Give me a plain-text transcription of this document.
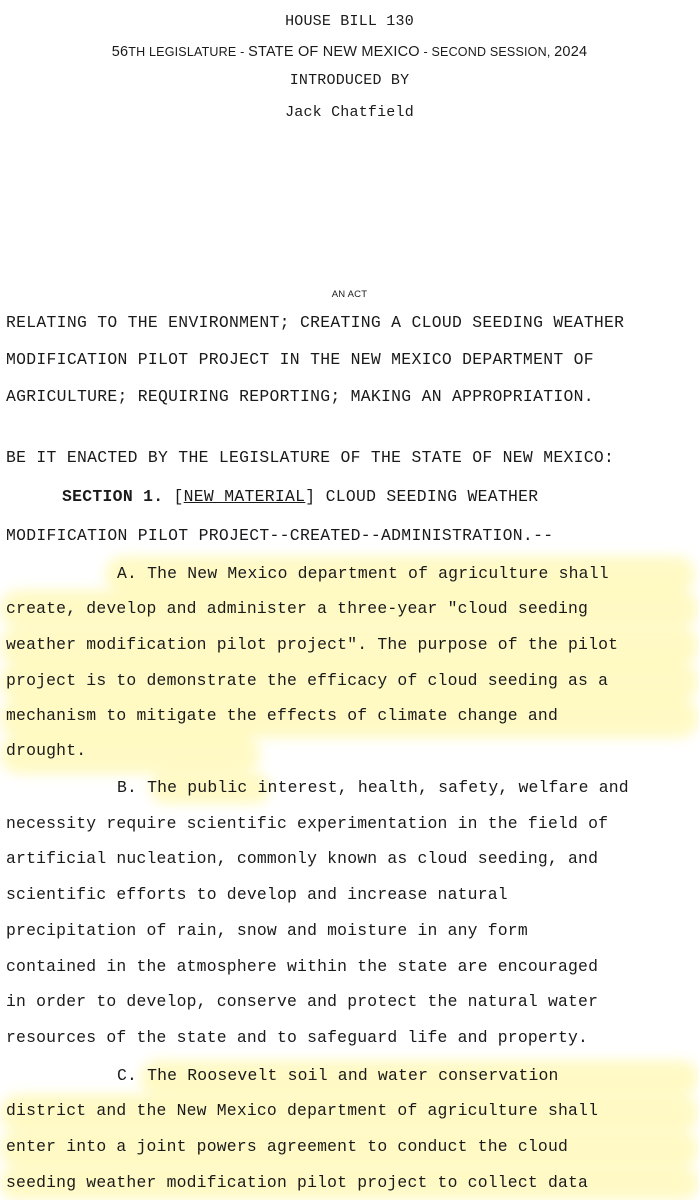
HOUSE BILL 130
56TH LEGISLATURE - STATE OF NEW MEXICO - SECOND SESSION, 2024
INTRODUCED BY
Jack Chatfield
AN ACT
RELATING TO THE ENVIRONMENT; CREATING A CLOUD SEEDING WEATHER
MODIFICATION PILOT PROJECT IN THE NEW MEXICO DEPARTMENT OF
AGRICULTURE; REQUIRING REPORTING; MAKING AN APPROPRIATION.
BE IT ENACTED BY THE LEGISLATURE OF THE STATE OF NEW MEXICO:
SECTION 1. [NEW MATERIAL] CLOUD SEEDING WEATHER
MODIFICATION PILOT PROJECT--CREATED--ADMINISTRATION.--
A. The New Mexico department of agriculture shall
create, develop and administer a three-year "cloud seeding
weather modification pilot project". The purpose of the pilot
project is to demonstrate the efficacy of cloud seeding as a
mechanism to mitigate the effects of climate change and
drought.
B. The public interest, health, safety, welfare and
necessity require scientific experimentation in the field of
artificial nucleation, commonly known as cloud seeding, and
scientific efforts to develop and increase natural
precipitation of rain, snow and moisture in any form
contained in the atmosphere within the state are encouraged
in order to develop, conserve and protect the natural water
resources of the state and to safeguard life and property.
C. The Roosevelt soil and water conservation
district and the New Mexico department of agriculture shall
enter into a joint powers agreement to conduct the cloud
seeding weather modification pilot project to collect data
